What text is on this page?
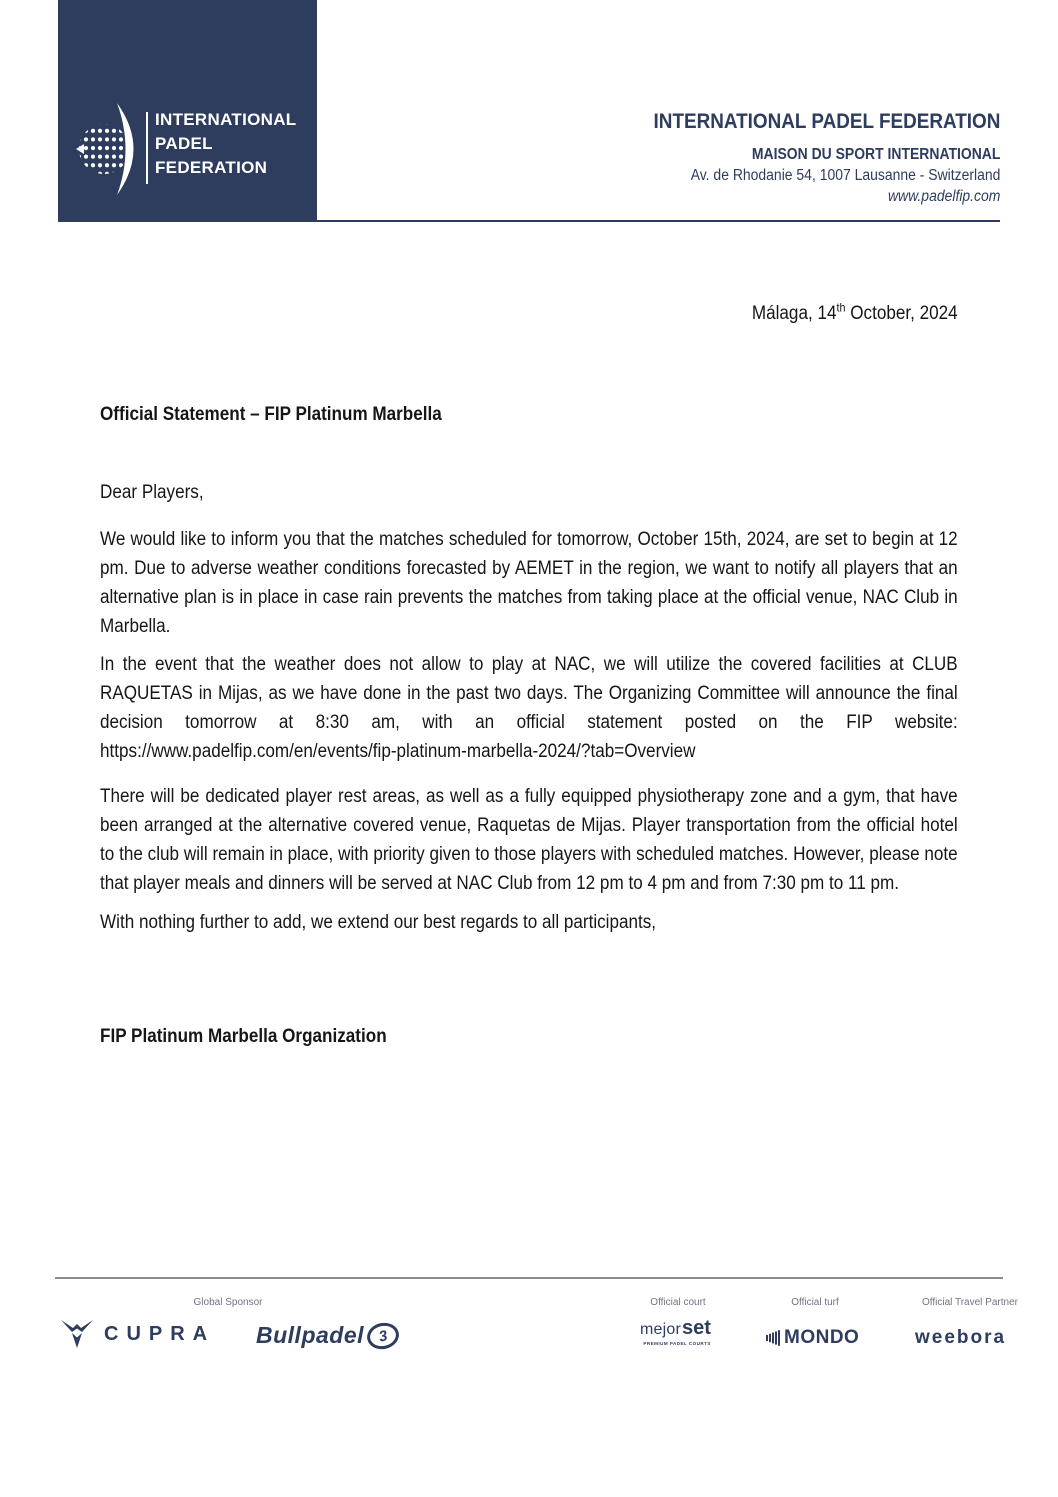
INTERNATIONAL
PADEL
FEDERATION
INTERNATIONAL PADEL FEDERATION
MAISON DU SPORT INTERNATIONAL
Av. de Rhodanie 54, 1007 Lausanne - Switzerland
www.padelfip.com
Málaga, 14th October, 2024
Official Statement – FIP Platinum Marbella

Dear Players,

We would like to inform you that the matches scheduled for tomorrow, October 15th, 2024, are set to begin at 12 pm. Due to adverse weather conditions forecasted by AEMET in the region, we want to notify all players that an alternative plan is in place in case rain prevents the matches from taking place at the official venue, NAC Club in Marbella.

In the event that the weather does not allow to play at NAC, we will utilize the covered facilities at CLUB RAQUETAS in Mijas, as we have done in the past two days. The Organizing Committee will announce the final decision tomorrow at 8:30 am, with an official statement posted on the FIP website: https://www.padelfip.com/en/events/fip-platinum-marbella-2024/?tab=Overview

There will be dedicated player rest areas, as well as a fully equipped physiotherapy zone and a gym, that have been arranged at the alternative covered venue, Raquetas de Mijas. Player transportation from the official hotel to the club will remain in place, with priority given to those players with scheduled matches. However, please note that player meals and dinners will be served at NAC Club from 12 pm to 4 pm and from 7:30 pm to 11 pm.

With nothing further to add, we extend our best regards to all participants,

FIP Platinum Marbella Organization
Global Sponsor	Official court	Official turf	Official Travel Partner
CUPRA Bullpadel 3	mejorset
PREMIUM PADEL COURTS	MONDO	weebora
